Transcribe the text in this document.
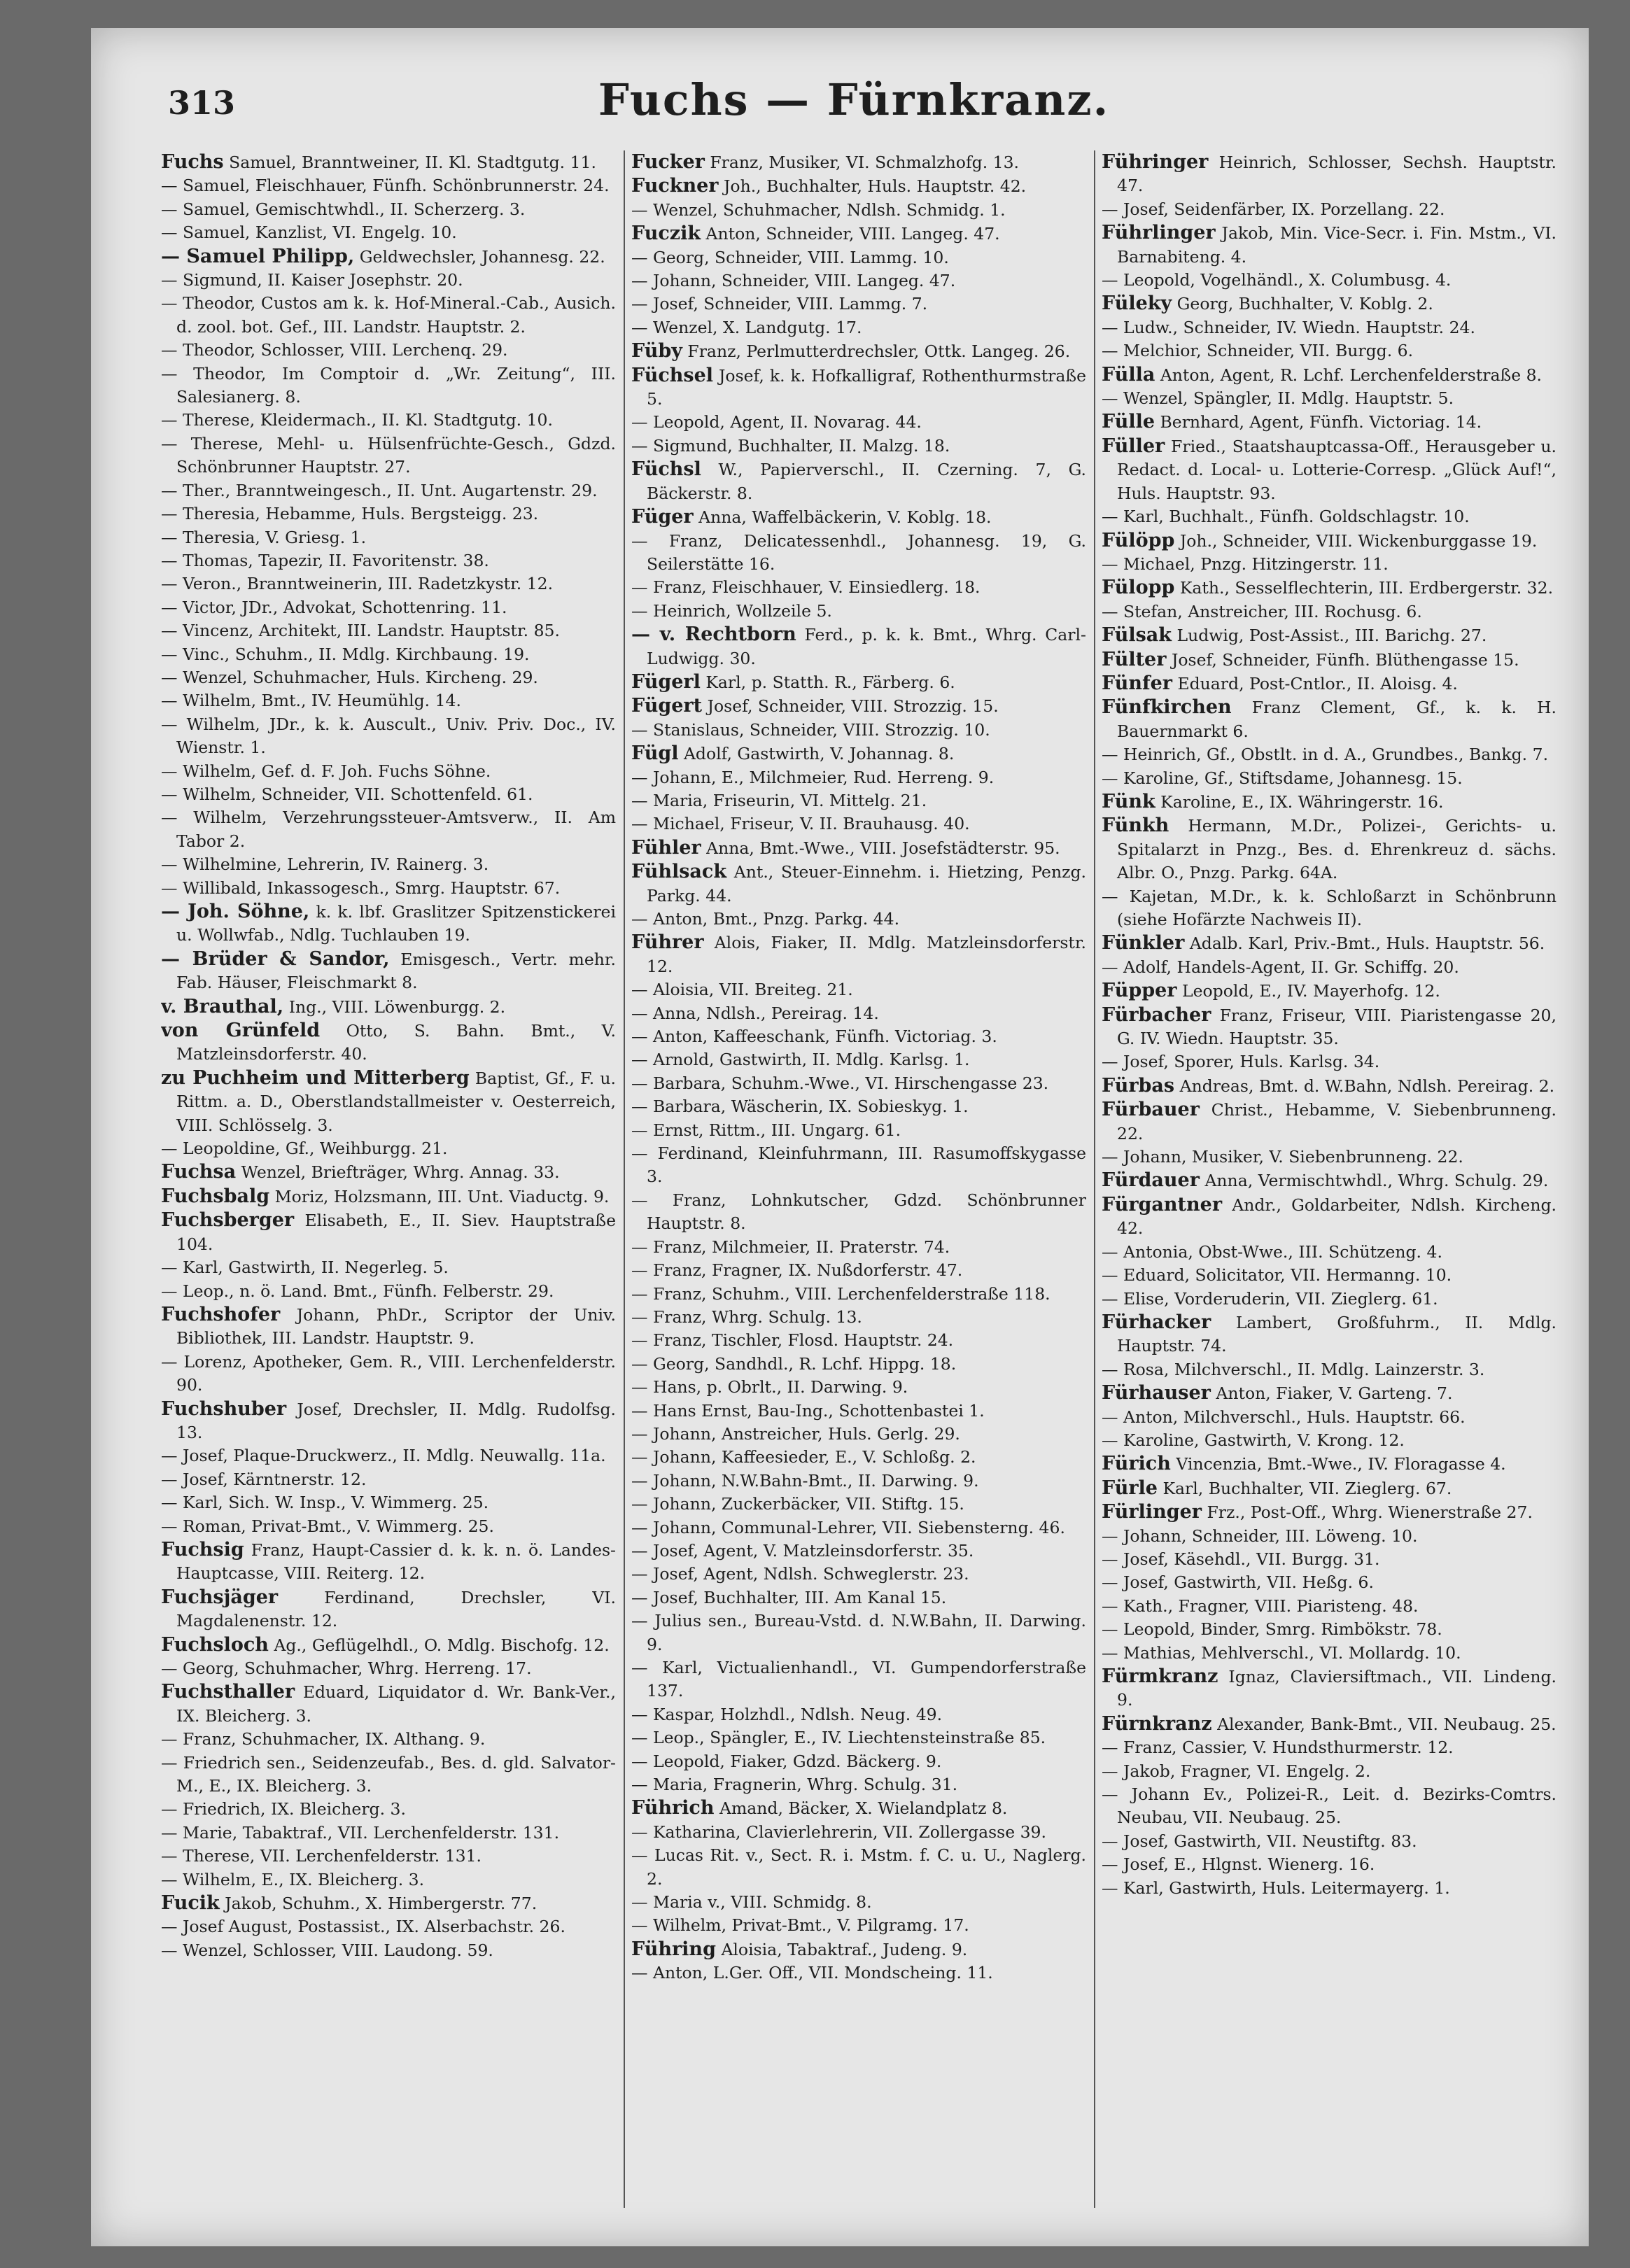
313	Fuchs — Fürnkranz.
Fuchs Samuel, Branntweiner, II. Kl. Stadtgutg. 11.
— Samuel, Fleischhauer, Fünfh. Schönbrunnerstr. 24.
— Samuel, Gemischtwhdl., II. Scherzerg. 3.
— Samuel, Kanzlist, VI. Engelg. 10.
— Samuel Philipp, Geldwechsler, Johannesg. 22.
— Sigmund, II. Kaiser Josephstr. 20.
— Theodor, Custos am k. k. Hof-Mineral.-Cab., Ausich. d. zool. bot. Gef., III. Landstr. Hauptstr. 2.
— Theodor, Schlosser, VIII. Lerchenq. 29.
— Theodor, Im Comptoir d. „Wr. Zeitung“, III. Salesianerg. 8.
— Therese, Kleidermach., II. Kl. Stadtgutg. 10.
— Therese, Mehl- u. Hülsenfrüchte-Gesch., Gdzd. Schönbrunner Hauptstr. 27.
— Ther., Branntweingesch., II. Unt. Augartenstr. 29.
— Theresia, Hebamme, Huls. Bergsteigg. 23.
— Theresia, V. Griesg. 1.
— Thomas, Tapezir, II. Favoritenstr. 38.
— Veron., Branntweinerin, III. Radetzkystr. 12.
— Victor, JDr., Advokat, Schottenring. 11.
— Vincenz, Architekt, III. Landstr. Hauptstr. 85.
— Vinc., Schuhm., II. Mdlg. Kirchbaung. 19.
— Wenzel, Schuhmacher, Huls. Kircheng. 29.
— Wilhelm, Bmt., IV. Heumühlg. 14.
— Wilhelm, JDr., k. k. Auscult., Univ. Priv. Doc., IV. Wienstr. 1.
— Wilhelm, Gef. d. F. Joh. Fuchs Söhne.
— Wilhelm, Schneider, VII. Schottenfeld. 61.
— Wilhelm, Verzehrungssteuer-Amtsverw., II. Am Tabor 2.
— Wilhelmine, Lehrerin, IV. Rainerg. 3.
— Willibald, Inkassogesch., Smrg. Hauptstr. 67.
— Joh. Söhne, k. k. lbf. Graslitzer Spitzenstickerei u. Wollwfab., Ndlg. Tuchlauben 19.
— Brüder & Sandor, Emisgesch., Vertr. mehr. Fab. Häuser, Fleischmarkt 8.
v. Brauthal, Ing., VIII. Löwenburgg. 2.
von Grünfeld Otto, S. Bahn. Bmt., V. Matzleinsdorferstr. 40.
zu Puchheim und Mitterberg Baptist, Gf., F. u. Rittm. a. D., Oberstlandstallmeister v. Oesterreich, VIII. Schlösselg. 3.
— Leopoldine, Gf., Weihburgg. 21.
Fuchsa Wenzel, Briefträger, Whrg. Annag. 33.
Fuchsbalg Moriz, Holzsmann, III. Unt. Viaductg. 9.
Fuchsberger Elisabeth, E., II. Siev. Hauptstraße 104.
— Karl, Gastwirth, II. Negerleg. 5.
— Leop., n. ö. Land. Bmt., Fünfh. Felberstr. 29.
Fuchshofer Johann, PhDr., Scriptor der Univ. Bibliothek, III. Landstr. Hauptstr. 9.
— Lorenz, Apotheker, Gem. R., VIII. Lerchenfelderstr. 90.
Fuchshuber Josef, Drechsler, II. Mdlg. Rudolfsg. 13.
— Josef, Plaque-Druckwerz., II. Mdlg. Neuwallg. 11a.
— Josef, Kärntnerstr. 12.
— Karl, Sich. W. Insp., V. Wimmerg. 25.
— Roman, Privat-Bmt., V. Wimmerg. 25.
Fuchsig Franz, Haupt-Cassier d. k. k. n. ö. Landes-Hauptcasse, VIII. Reiterg. 12.
Fuchsjäger	Ferdinand, Drechsler, VI. Magdalenenstr. 12.
Fuchsloch Ag., Geflügelhdl., O. Mdlg. Bischofg. 12.
— Georg, Schuhmacher, Whrg. Herreng. 17.
Fuchsthaller Eduard, Liquidator d. Wr. Bank-Ver., IX. Bleicherg. 3.
— Franz, Schuhmacher, IX. Althang. 9.
— Friedrich sen., Seidenzeufab., Bes. d. gld. Salvator-M., E., IX. Bleicherg. 3.
— Friedrich, IX. Bleicherg. 3.
— Marie, Tabaktraf., VII. Lerchenfelderstr. 131.
— Therese, VII. Lerchenfelderstr. 131.
— Wilhelm, E., IX. Bleicherg. 3.
Fucik Jakob, Schuhm., X. Himbergerstr. 77.
— Josef August, Postassist., IX. Alserbachstr. 26.
— Wenzel, Schlosser, VIII. Laudong. 59.
Fucker Franz, Musiker, VI. Schmalzhofg. 13.
Fuckner Joh., Buchhalter, Huls. Hauptstr. 42.
— Wenzel, Schuhmacher, Ndlsh. Schmidg. 1.
Fuczik Anton, Schneider, VIII. Langeg. 47.
— Georg, Schneider, VIII. Lammg. 10.
— Johann, Schneider, VIII. Langeg. 47.
— Josef, Schneider, VIII. Lammg. 7.
— Wenzel, X. Landgutg. 17.
Füby Franz, Perlmutterdrechsler, Ottk. Langeg. 26.
Füchsel Josef, k. k. Hofkalligraf, Rothenthurmstraße 5.
— Leopold, Agent, II. Novarag. 44.
— Sigmund, Buchhalter, II. Malzg. 18.
Füchsl W., Papierverschl., II. Czerning. 7, G. Bäckerstr. 8.
Füger Anna, Waffelbäckerin, V. Koblg. 18.
— Franz, Delicatessenhdl., Johannesg. 19, G. Seilerstätte 16.
— Franz, Fleischhauer, V. Einsiedlerg. 18.
— Heinrich, Wollzeile 5.
— v. Rechtborn Ferd., p. k. k. Bmt., Whrg. Carl-Ludwigg. 30.
Fügerl Karl, p. Statth. R., Färberg. 6.
Fügert Josef, Schneider, VIII. Strozzig. 15.
— Stanislaus, Schneider, VIII. Strozzig. 10.
Fügl Adolf, Gastwirth, V. Johannag. 8.
— Johann, E., Milchmeier, Rud. Herreng. 9.
— Maria, Friseurin, VI. Mittelg. 21.
— Michael, Friseur, V. II. Brauhausg. 40.
Fühler Anna, Bmt.-Wwe., VIII. Josefstädterstr. 95.
Fühlsack Ant., Steuer-Einnehm. i. Hietzing, Penzg. Parkg. 44.
— Anton, Bmt., Pnzg. Parkg. 44.
Führer Alois, Fiaker, II. Mdlg. Matzleinsdorferstr. 12.
— Aloisia, VII. Breiteg. 21.
— Anna, Ndlsh., Pereirag. 14.
— Anton, Kaffeeschank, Fünfh. Victoriag. 3.
— Arnold, Gastwirth, II. Mdlg. Karlsg. 1.
— Barbara, Schuhm.-Wwe., VI. Hirschengasse 23.
— Barbara, Wäscherin, IX. Sobieskyg. 1.
— Ernst, Rittm., III. Ungarg. 61.
— Ferdinand, Kleinfuhrmann, III. Rasumoffskygasse 3.
— Franz, Lohnkutscher, Gdzd. Schönbrunner Hauptstr. 8.
— Franz, Milchmeier, II. Praterstr. 74.
— Franz, Fragner, IX. Nußdorferstr. 47.
— Franz, Schuhm., VIII. Lerchenfelderstraße 118.
— Franz, Whrg. Schulg. 13.
— Franz, Tischler, Flosd. Hauptstr. 24.
— Georg, Sandhdl., R. Lchf. Hippg. 18.
— Hans, p. Obrlt., II. Darwing. 9.
— Hans Ernst, Bau-Ing., Schottenbastei 1.
— Johann, Anstreicher, Huls. Gerlg. 29.
— Johann, Kaffeesieder, E., V. Schloßg. 2.
— Johann, N.W.Bahn-Bmt., II. Darwing. 9.
— Johann, Zuckerbäcker, VII. Stiftg. 15.
— Johann, Communal-Lehrer, VII. Siebensterng. 46.
— Josef, Agent, V. Matzleinsdorferstr. 35.
— Josef, Agent, Ndlsh. Schweglerstr. 23.
— Josef, Buchhalter, III. Am Kanal 15.
— Julius sen., Bureau-Vstd. d. N.W.Bahn, II. Darwing. 9.
— Karl, Victualienhandl., VI. Gumpendorferstraße 137.
— Kaspar, Holzhdl., Ndlsh. Neug. 49.
— Leop., Spängler, E., IV. Liechtensteinstraße 85.
— Leopold, Fiaker, Gdzd. Bäckerg. 9.
— Maria, Fragnerin, Whrg. Schulg. 31.
Führich Amand, Bäcker, X. Wielandplatz 8.
— Katharina, Clavierlehrerin, VII. Zollergasse 39.
— Lucas Rit. v., Sect. R. i. Mstm. f. C. u. U., Naglerg. 2.
— Maria v., VIII. Schmidg. 8.
— Wilhelm, Privat-Bmt., V. Pilgramg. 17.
Führing Aloisia, Tabaktraf., Judeng. 9.
— Anton, L.Ger. Off., VII. Mondscheing. 11.
Führinger Heinrich, Schlosser, Sechsh. Hauptstr. 47.
— Josef, Seidenfärber, IX. Porzellang. 22.
Führlinger Jakob, Min. Vice-Secr. i. Fin. Mstm., VI. Barnabiteng. 4.
— Leopold, Vogelhändl., X. Columbusg. 4.
Füleky Georg, Buchhalter, V. Koblg. 2.
— Ludw., Schneider, IV. Wiedn. Hauptstr. 24.
— Melchior, Schneider, VII. Burgg. 6.
Fülla Anton, Agent, R. Lchf. Lerchenfelderstraße 8.
— Wenzel, Spängler, II. Mdlg. Hauptstr. 5.
Fülle Bernhard, Agent, Fünfh. Victoriag. 14.
Füller Fried., Staatshauptcassa-Off., Herausgeber u. Redact. d. Local- u. Lotterie-Corresp. „Glück Auf!“, Huls. Hauptstr. 93.
— Karl, Buchhalt., Fünfh. Goldschlagstr. 10.
Fülöpp Joh., Schneider, VIII. Wickenburggasse 19.
— Michael, Pnzg. Hitzingerstr. 11.
Fülopp Kath., Sesselflechterin, III. Erdbergerstr. 32.
— Stefan, Anstreicher, III. Rochusg. 6.
Fülsak Ludwig, Post-Assist., III. Barichg. 27.
Fülter Josef, Schneider, Fünfh. Blüthengasse 15.
Fünfer Eduard, Post-Cntlor., II. Aloisg. 4.
Fünfkirchen Franz Clement, Gf., k. k. H. Bauernmarkt 6.
— Heinrich, Gf., Obstlt. in d. A., Grundbes., Bankg. 7.
— Karoline, Gf., Stiftsdame, Johannesg. 15.
Fünk Karoline, E., IX. Währingerstr. 16.
Fünkh Hermann, M.Dr., Polizei-, Gerichts- u. Spitalarzt in Pnzg., Bes. d. Ehrenkreuz d. sächs. Albr. O., Pnzg. Parkg. 64A.
— Kajetan, M.Dr., k. k. Schloßarzt in Schönbrunn (siehe Hofärzte Nachweis II).
Fünkler Adalb. Karl, Priv.-Bmt., Huls. Hauptstr. 56.
— Adolf, Handels-Agent, II. Gr. Schiffg. 20.
Füpper Leopold, E., IV. Mayerhofg. 12.
Fürbacher Franz, Friseur, VIII. Piaristengasse 20, G. IV. Wiedn. Hauptstr. 35.
— Josef, Sporer, Huls. Karlsg. 34.
Fürbas Andreas, Bmt. d. W.Bahn, Ndlsh. Pereirag. 2.
Fürbauer Christ., Hebamme, V. Siebenbrunneng. 22.
— Johann, Musiker, V. Siebenbrunneng. 22.
Fürdauer Anna, Vermischtwhdl., Whrg. Schulg. 29.
Fürgantner Andr., Goldarbeiter, Ndlsh. Kircheng. 42.
— Antonia, Obst-Wwe., III. Schützeng. 4.
— Eduard, Solicitator, VII. Hermanng. 10.
— Elise, Vorderuderin, VII. Zieglerg. 61.
Fürhacker Lambert, Großfuhrm., II. Mdlg. Hauptstr. 74.
— Rosa, Milchverschl., II. Mdlg. Lainzerstr. 3.
Fürhauser Anton, Fiaker, V. Garteng. 7.
— Anton, Milchverschl., Huls. Hauptstr. 66.
— Karoline, Gastwirth, V. Krong. 12.
Fürich Vincenzia, Bmt.-Wwe., IV. Floragasse 4.
Fürle Karl, Buchhalter, VII. Zieglerg. 67.
Fürlinger Frz., Post-Off., Whrg. Wienerstraße 27.
— Johann, Schneider, III. Löweng. 10.
— Josef, Käsehdl., VII. Burgg. 31.
— Josef, Gastwirth, VII. Heßg. 6.
— Kath., Fragner, VIII. Piaristeng. 48.
— Leopold, Binder, Smrg. Rimbökstr. 78.
— Mathias, Mehlverschl., VI. Mollardg. 10.
Fürmkranz Ignaz, Claviersiftmach., VII. Lindeng. 9.
Fürnkranz Alexander, Bank-Bmt., VII. Neubaug. 25.
— Franz, Cassier, V. Hundsthurmerstr. 12.
— Jakob, Fragner, VI. Engelg. 2.
— Johann Ev., Polizei-R., Leit. d. Bezirks-Comtrs. Neubau, VII. Neubaug. 25.
— Josef, Gastwirth, VII. Neustiftg. 83.
— Josef, E., Hlgnst. Wienerg. 16.
— Karl, Gastwirth, Huls. Leitermayerg. 1.
